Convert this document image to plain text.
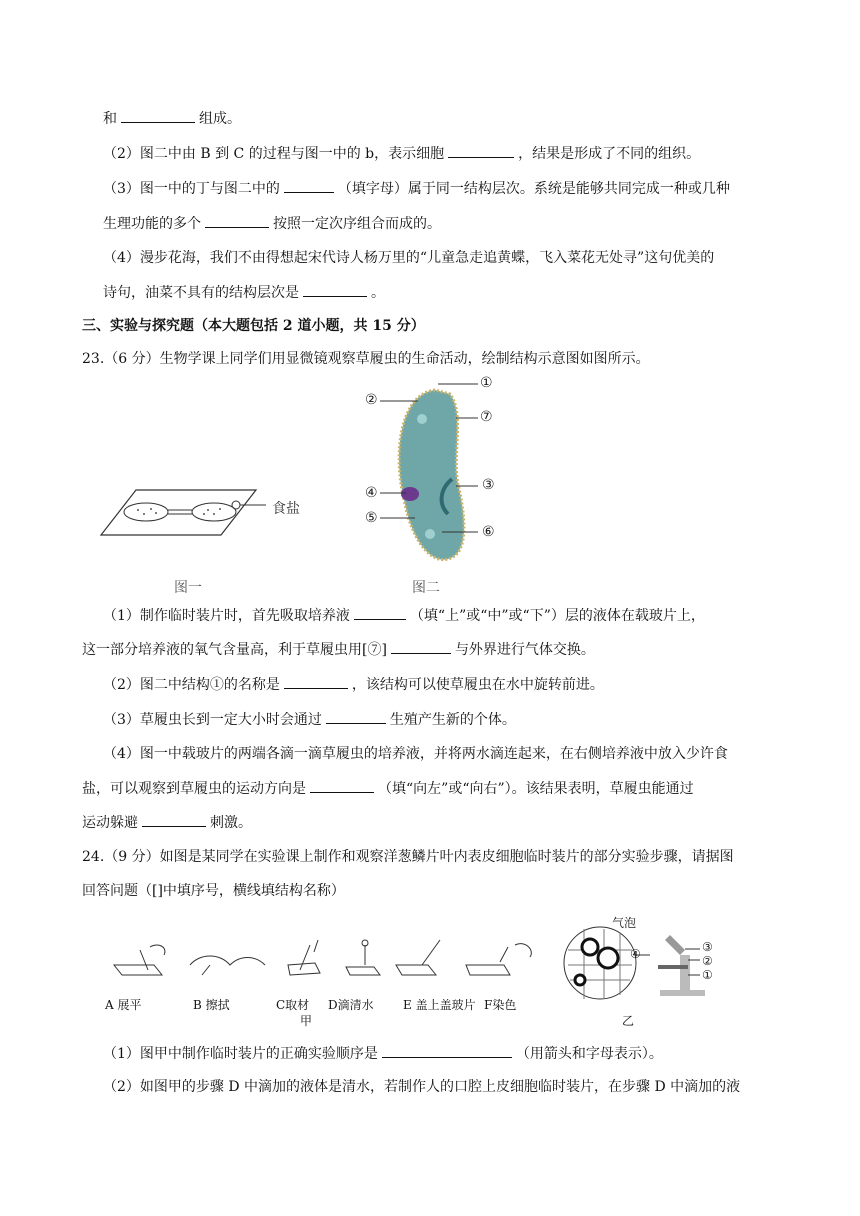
和	组成。
（2）图二中由 B 到 C 的过程与图一中的 b，表示细胞	，结果是形成了不同的组织。
（3）图一中的丁与图二中的	（填字母）属于同一结构层次。系统是能够共同完成一种或几种
生理功能的多个	按照一定次序组合而成的。
（4）漫步花海，我们不由得想起宋代诗人杨万里的“儿童急走追黄蝶，飞入菜花无处寻”这句优美的
诗句，油菜不具有的结构层次是	。
三、实验与探究题（本大题包括 2 道小题，共 15 分）
23.（6 分）生物学课上同学们用显微镜观察草履虫的生命活动，绘制结构示意图如图所示。
食盐
图一
②
①
⑦
③
④
⑤
⑥
图二
（1）制作临时装片时，首先吸取培养液	（填“上”或“中”或“下”）层的液体在载玻片上，
这一部分培养液的氧气含量高，利于草履虫用[⑦]	与外界进行气体交换。
（2）图二中结构①的名称是	，该结构可以使草履虫在水中旋转前进。
（3）草履虫长到一定大小时会通过	生殖产生新的个体。
（4）图一中载玻片的两端各滴一滴草履虫的培养液，并将两水滴连起来，在右侧培养液中放入少许食
盐，可以观察到草履虫的运动方向是	（填“向左”或“向右”）。该结果表明，草履虫能通过
运动躲避	刺激。
24.（9 分）如图是某同学在实验课上制作和观察洋葱鳞片叶内表皮细胞临时装片的部分实验步骤，请据图
回答问题（[]中填序号，横线填结构名称）
A 展平	B 擦拭	C取材 D滴清水 E 盖上盖玻片 F染色
甲
气泡
④	③
②
①
乙
（1）图甲中制作临时装片的正确实验顺序是	（用箭头和字母表示）。
（2）如图甲的步骤 D 中滴加的液体是清水，若制作人的口腔上皮细胞临时装片，在步骤 D 中滴加的液
